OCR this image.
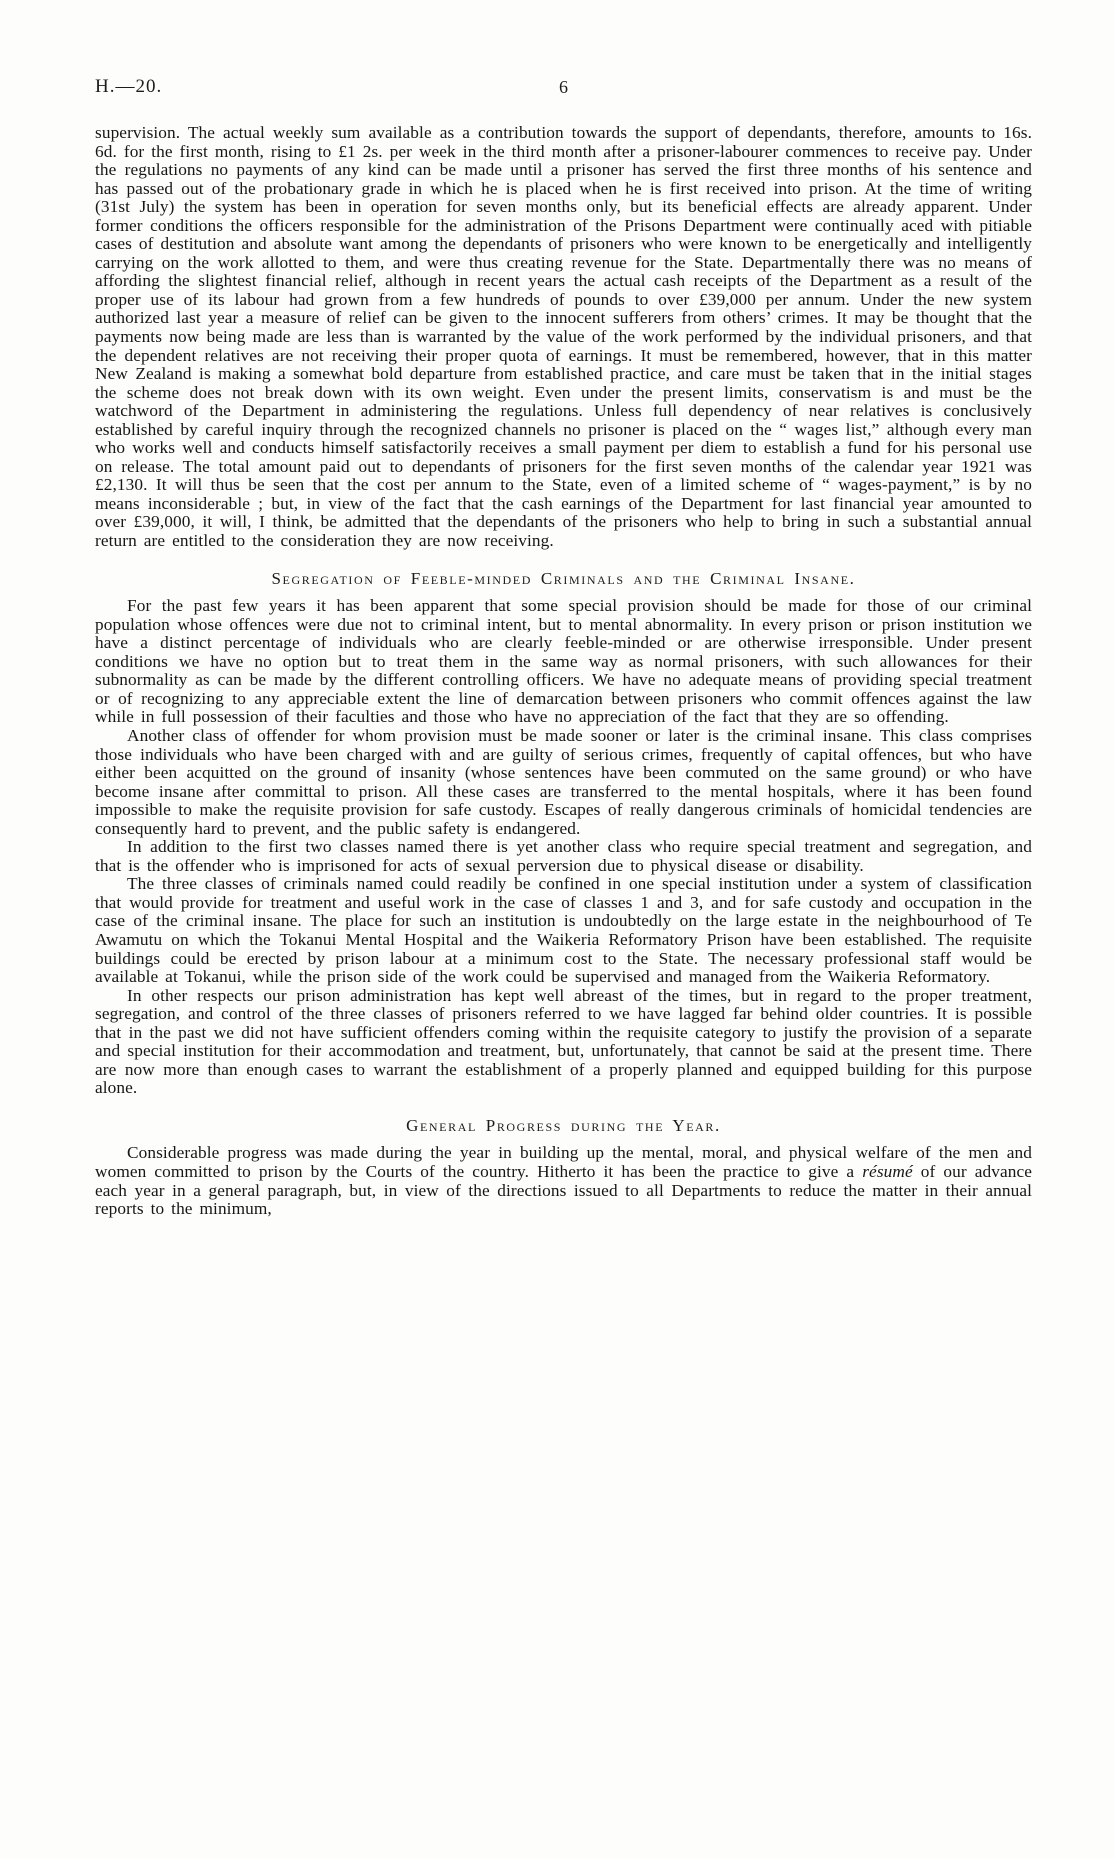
H.—20.	6

supervision. The actual weekly sum available as a contribution towards the support of dependants, therefore, amounts to 16s. 6d. for the first month, rising to £1 2s. per week in the third month after a prisoner-labourer commences to receive pay. Under the regulations no payments of any kind can be made until a prisoner has served the first three months of his sentence and has passed out of the probationary grade in which he is placed when he is first received into prison. At the time of writing (31st July) the system has been in operation for seven months only, but its beneficial effects are already apparent. Under former conditions the officers responsible for the administration of the Prisons Department were continually aced with pitiable cases of destitution and absolute want among the dependants of prisoners who were known to be energetically and intelligently carrying on the work allotted to them, and were thus creating revenue for the State. Departmentally there was no means of affording the slightest financial relief, although in recent years the actual cash receipts of the Department as a result of the proper use of its labour had grown from a few hundreds of pounds to over £39,000 per annum. Under the new system authorized last year a measure of relief can be given to the innocent sufferers from others’ crimes. It may be thought that the payments now being made are less than is warranted by the value of the work performed by the individual prisoners, and that the dependent relatives are not receiving their proper quota of earnings. It must be remembered, however, that in this matter New Zealand is making a somewhat bold departure from established practice, and care must be taken that in the initial stages the scheme does not break down with its own weight. Even under the present limits, conservatism is and must be the watchword of the Department in administering the regulations. Unless full dependency of near relatives is conclusively established by careful inquiry through the recognized channels no prisoner is placed on the “ wages list,” although every man who works well and conducts himself satisfactorily receives a small payment per diem to establish a fund for his personal use on release. The total amount paid out to dependants of prisoners for the first seven months of the calendar year 1921 was £2,130. It will thus be seen that the cost per annum to the State, even of a limited scheme of “ wages-payment,” is by no means inconsiderable ; but, in view of the fact that the cash earnings of the Department for last financial year amounted to over £39,000, it will, I think, be admitted that the dependants of the prisoners who help to bring in such a substantial annual return are entitled to the consideration they are now receiving.

Segregation of Feeble-minded Criminals and the Criminal Insane.

For the past few years it has been apparent that some special provision should be made for those of our criminal population whose offences were due not to criminal intent, but to mental abnormality. In every prison or prison institution we have a distinct percentage of individuals who are clearly feeble-minded or are otherwise irresponsible. Under present conditions we have no option but to treat them in the same way as normal prisoners, with such allowances for their subnormality as can be made by the different controlling officers. We have no adequate means of providing special treatment or of recognizing to any appreciable extent the line of demarcation between prisoners who commit offences against the law while in full possession of their faculties and those who have no appreciation of the fact that they are so offending.

Another class of offender for whom provision must be made sooner or later is the criminal insane. This class comprises those individuals who have been charged with and are guilty of serious crimes, frequently of capital offences, but who have either been acquitted on the ground of insanity (whose sentences have been commuted on the same ground) or who have become insane after committal to prison. All these cases are transferred to the mental hospitals, where it has been found impossible to make the requisite provision for safe custody. Escapes of really dangerous criminals of homicidal tendencies are consequently hard to prevent, and the public safety is endangered.

In addition to the first two classes named there is yet another class who require special treatment and segregation, and that is the offender who is imprisoned for acts of sexual perversion due to physical disease or disability.

The three classes of criminals named could readily be confined in one special institution under a system of classification that would provide for treatment and useful work in the case of classes 1 and 3, and for safe custody and occupation in the case of the criminal insane. The place for such an institution is undoubtedly on the large estate in the neighbourhood of Te Awamutu on which the Tokanui Mental Hospital and the Waikeria Reformatory Prison have been established. The requisite buildings could be erected by prison labour at a minimum cost to the State. The necessary professional staff would be available at Tokanui, while the prison side of the work could be supervised and managed from the Waikeria Reformatory.

In other respects our prison administration has kept well abreast of the times, but in regard to the proper treatment, segregation, and control of the three classes of prisoners referred to we have lagged far behind older countries. It is possible that in the past we did not have sufficient offenders coming within the requisite category to justify the provision of a separate and special institution for their accommodation and treatment, but, unfortunately, that cannot be said at the present time. There are now more than enough cases to warrant the establishment of a properly planned and equipped building for this purpose alone.

General Progress during the Year.

Considerable progress was made during the year in building up the mental, moral, and physical welfare of the men and women committed to prison by the Courts of the country. Hitherto it has been the practice to give a résumé of our advance each year in a general paragraph, but, in view of the directions issued to all Departments to reduce the matter in their annual reports to the minimum,
